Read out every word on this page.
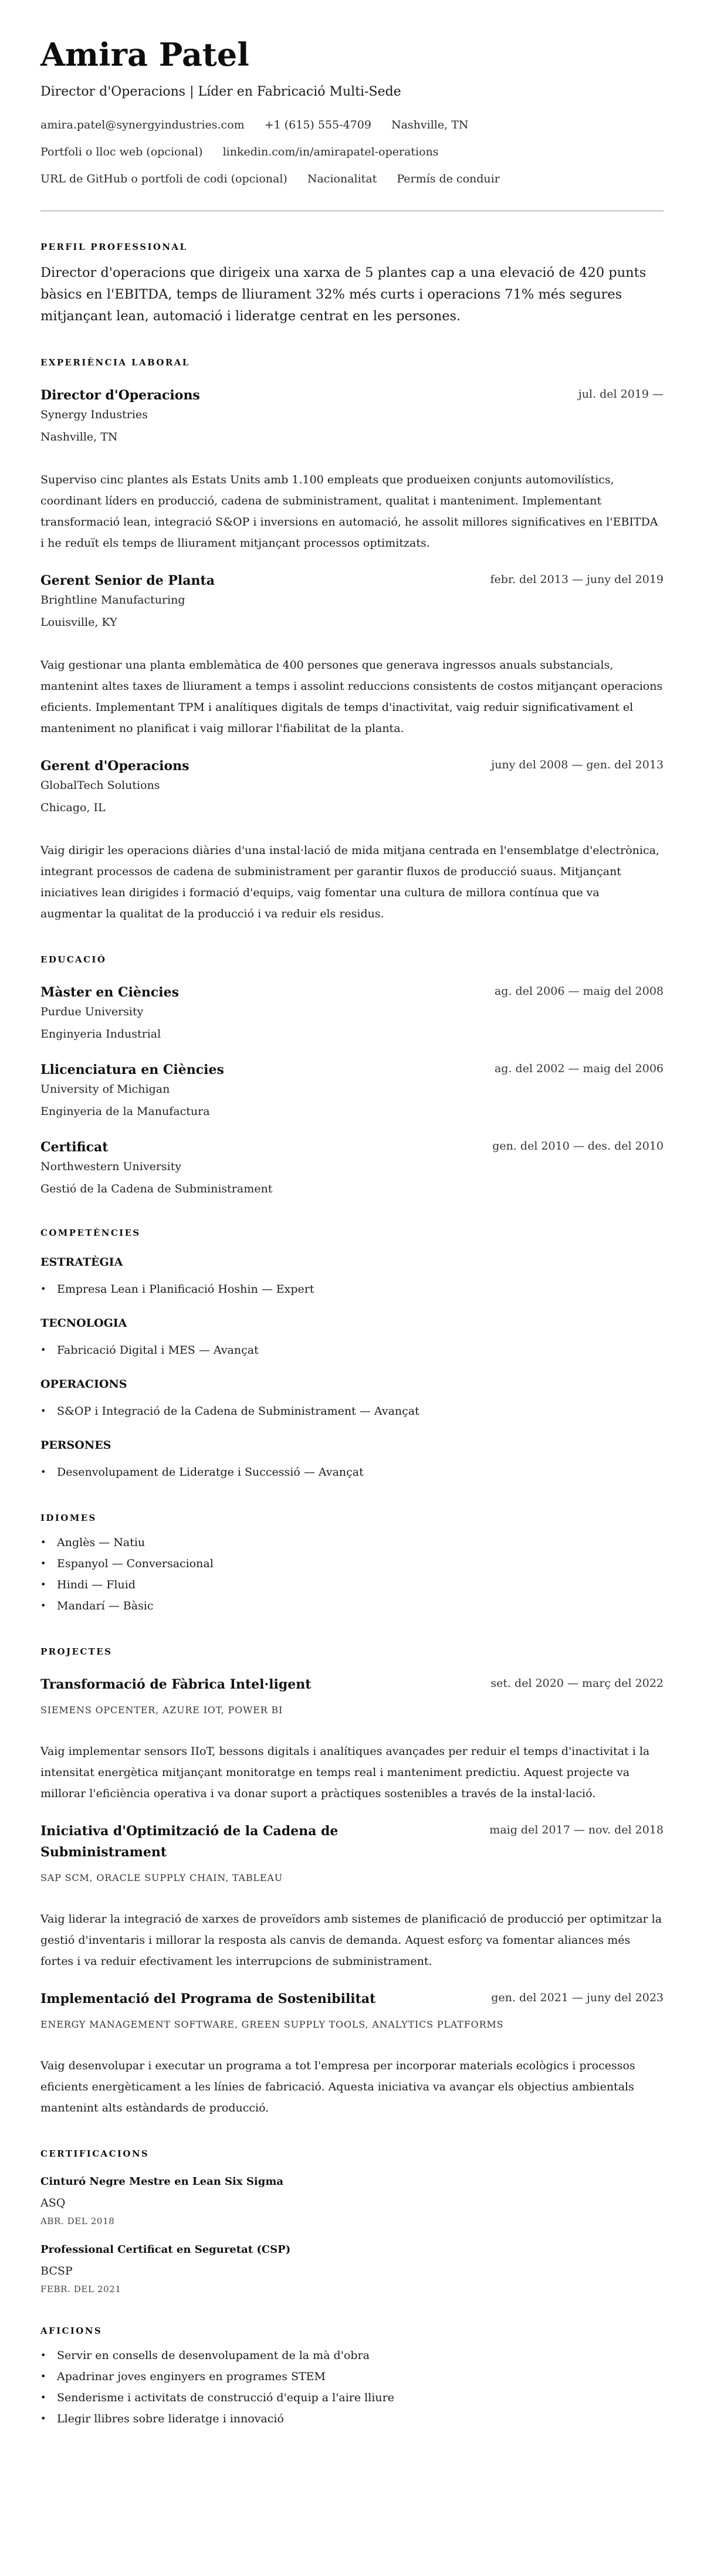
Amira Patel
Director d'Operacions | Líder en Fabricació Multi-Sede
amira.patel@synergyindustries.com +1 (615) 555-4709 Nashville, TN
Portfoli o lloc web (opcional) linkedin.com/in/amirapatel-operations
URL de GitHub o portfoli de codi (opcional) Nacionalitat Permís de conduir
PERFIL PROFESSIONAL

Director d'operacions que dirigeix una xarxa de 5 plantes cap a una elevació de 420 punts bàsics en l'EBITDA, temps de lliurament 32% més curts i operacions 71% més segures mitjançant lean, automació i lideratge centrat en les persones.

EXPERIÈNCIA LABORAL
Director d'Operacions	jul. del 2019 —
Synergy Industries
Nashville, TN

Superviso cinc plantes als Estats Units amb 1.100 empleats que produeixen conjunts automovilístics, coordinant líders en producció, cadena de subministrament, qualitat i manteniment. Implementant transformació lean, integració S&OP i inversions en automació, he assolit millores significatives en l'EBITDA i he reduït els temps de lliurament mitjançant processos optimitzats.

Gerent Senior de Planta	febr. del 2013 — juny del 2019
Brightline Manufacturing
Louisville, KY

Vaig gestionar una planta emblemàtica de 400 persones que generava ingressos anuals substancials, mantenint altes taxes de lliurament a temps i assolint reduccions consistents de costos mitjançant operacions eficients. Implementant TPM i analítiques digitals de temps d'inactivitat, vaig reduir significativament el manteniment no planificat i vaig millorar l'fiabilitat de la planta.

Gerent d'Operacions	juny del 2008 — gen. del 2013
GlobalTech Solutions
Chicago, IL

Vaig dirigir les operacions diàries d'una instal·lació de mida mitjana centrada en l'ensemblatge d'electrònica, integrant processos de cadena de subministrament per garantir fluxos de producció suaus. Mitjançant iniciatives lean dirigides i formació d'equips, vaig fomentar una cultura de millora contínua que va augmentar la qualitat de la producció i va reduir els residus.

EDUCACIÓ
Màster en Ciències	ag. del 2006 — maig del 2008
Purdue University
Enginyeria Industrial
Llicenciatura en Ciències	ag. del 2002 — maig del 2006
University of Michigan
Enginyeria de la Manufactura
Certificat	gen. del 2010 — des. del 2010
Northwestern University
Gestió de la Cadena de Subministrament
COMPETÈNCIES
ESTRATÈGIA
• Empresa Lean i Planificació Hoshin — Expert
TECNOLOGIA
• Fabricació Digital i MES — Avançat
OPERACIONS
• S&OP i Integració de la Cadena de Subministrament — Avançat
PERSONES
• Desenvolupament de Lideratge i Successió — Avançat
IDIOMES
• Anglès — Natiu
• Espanyol — Conversacional
• Hindi — Fluid
• Mandarí — Bàsic
PROJECTES
Transformació de Fàbrica Intel·ligent	set. del 2020 — març del 2022
SIEMENS OPCENTER, AZURE IOT, POWER BI

Vaig implementar sensors IIoT, bessons digitals i analítiques avançades per reduir el temps d'inactivitat i la intensitat energètica mitjançant monitoratge en temps real i manteniment predictiu. Aquest projecte va millorar l'eficiència operativa i va donar suport a pràctiques sostenibles a través de la instal·lació.

Iniciativa d'Optimització de la Cadena de Subministrament
maig del 2017 — nov. del 2018
SAP SCM, ORACLE SUPPLY CHAIN, TABLEAU

Vaig liderar la integració de xarxes de proveïdors amb sistemes de planificació de producció per optimitzar la gestió d'inventaris i millorar la resposta als canvis de demanda. Aquest esforç va fomentar aliances més fortes i va reduir efectivament les interrupcions de subministrament.

Implementació del Programa de Sostenibilitat	gen. del 2021 — juny del 2023
ENERGY MANAGEMENT SOFTWARE, GREEN SUPPLY TOOLS, ANALYTICS PLATFORMS

Vaig desenvolupar i executar un programa a tot l'empresa per incorporar materials ecològics i processos eficients energèticament a les línies de fabricació. Aquesta iniciativa va avançar els objectius ambientals mantenint alts estàndards de producció.

CERTIFICACIONS
Cinturó Negre Mestre en Lean Six Sigma
ASQ
ABR. DEL 2018
Professional Certificat en Seguretat (CSP)
BCSP
FEBR. DEL 2021
AFICIONS
• Servir en consells de desenvolupament de la mà d'obra
• Apadrinar joves enginyers en programes STEM
• Senderisme i activitats de construcció d'equip a l'aire lliure
• Llegir llibres sobre lideratge i innovació
